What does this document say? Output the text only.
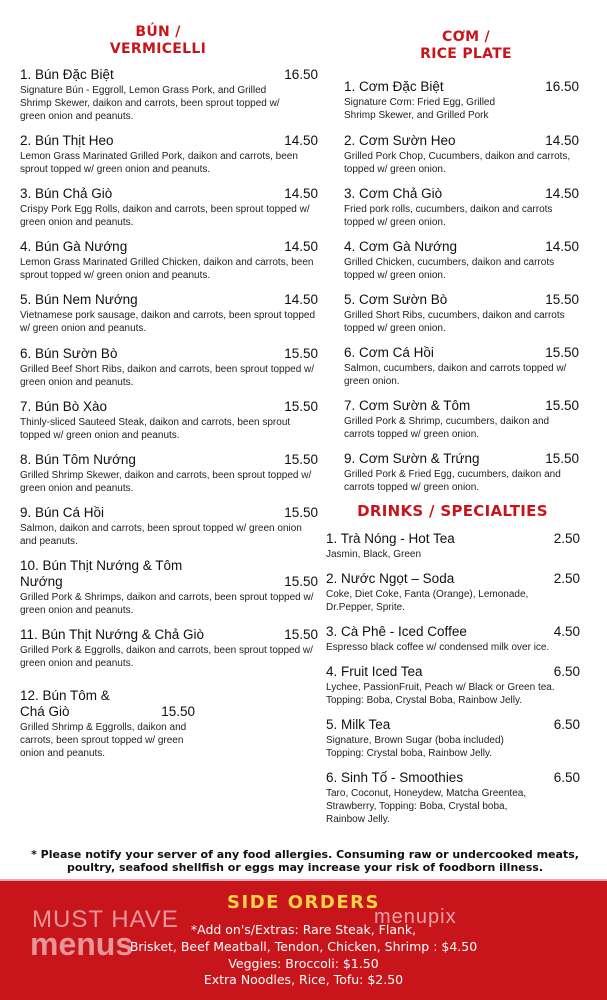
BÚN /
VERMICELLI
CƠM /
RICE PLATE
DRINKS / SPECIALTIES
1. Bún Đặc Biệt	16.50
Signature Bún - Eggroll, Lemon Grass Pork, and Grilled Shrimp Skewer, daikon and carrots, been sprout topped w/ green onion and peanuts.
2. Bún Thịt Heo	14.50
Lemon Grass Marinated Grilled Pork, daikon and carrots, been sprout topped w/ green onion and peanuts.
3. Bún Chả Giò	14.50
Crispy Pork Egg Rolls, daikon and carrots, been sprout topped w/ green onion and peanuts.
4. Bún Gà Nướng	14.50
Lemon Grass Marinated Grilled Chicken, daikon and carrots, been sprout topped w/ green onion and peanuts.
5. Bún Nem Nướng	14.50
Vietnamese pork sausage, daikon and carrots, been sprout topped w/ green onion and peanuts.
6. Bún Sườn Bò	15.50
Grilled Beef Short Ribs, daikon and carrots, been sprout topped w/ green onion and peanuts.
7. Bún Bò Xào	15.50
Thinly-sliced Sauteed Steak, daikon and carrots, been sprout topped w/ green onion and peanuts.
8. Bún Tôm Nướng	15.50
Grilled Shrimp Skewer, daikon and carrots, been sprout topped w/ green onion and peanuts.
9. Bún Cá Hồi	15.50
Salmon, daikon and carrots, been sprout topped w/ green onion and peanuts.
10. Bún Thịt Nướng & Tôm Nướng	15.50
Grilled Pork & Shrimps, daikon and carrots, been sprout topped w/ green onion and peanuts.
11. Bún Thịt Nướng & Chả Giò	15.50
Grilled Pork & Eggrolls, daikon and carrots, been sprout topped w/ green onion and peanuts.
12. Bún Tôm & Chá Giò	15.50
Grilled Shrimp & Eggrolls, daikon and carrots, been sprout topped w/ green onion and peanuts.
1. Cơm Đặc Biệt	16.50
Signature Cơm: Fried Egg, Grilled Shrimp Skewer, and Grilled Pork
2. Cơm Sườn Heo	14.50
Grilled Pork Chop, Cucumbers, daikon and carrots, topped w/ green onion.
3. Cơm Chả Giò	14.50
Fried pork rolls, cucumbers, daikon and carrots topped w/ green onion.
4. Cơm Gà Nướng	14.50
Grilled Chicken, cucumbers, daikon and carrots topped w/ green onion.
5. Cơm Sườn Bò	15.50
Grilled Short Ribs, cucumbers, daikon and carrots topped w/ green onion.
6. Cơm Cá Hồi	15.50
Salmon, cucumbers, daikon and carrots topped w/ green onion.
7. Cơm Sườn & Tôm	15.50
Grilled Pork & Shrimp, cucumbers, daikon and carrots topped w/ green onion.
9. Cơm Sườn & Trứng	15.50
Grilled Pork & Fried Egg, cucumbers, daikon and carrots topped w/ green onion.
1. Trà Nóng - Hot Tea	2.50
Jasmin, Black, Green
2. Nước Ngọt – Soda	2.50
Coke, Diet Coke, Fanta (Orange), Lemonade, Dr.Pepper, Sprite.
3. Cà Phê - Iced Coffee	4.50
Espresso black coffee w/ condensed milk over ice.
4. Fruit Iced Tea	6.50
Lychee, PassionFruit, Peach w/ Black or Green tea. Topping: Boba, Crystal Boba, Rainbow Jelly.
5. Milk Tea	6.50
Signature, Brown Sugar (boba included) Topping: Crystal boba, Rainbow Jelly.
6. Sinh Tố - Smoothies	6.50
Taro, Coconut, Honeydew, Matcha Greentea, Strawberry, Topping: Boba, Crystal boba, Rainbow Jelly.
* Please notify your server of any food allergies. Consuming raw or undercooked meats, poultry, seafood shellfish or eggs may increase your risk of foodborn illness.
SIDE ORDERS
*Add on's/Extras: Rare Steak, Flank,
Brisket, Beef Meatball, Tendon, Chicken, Shrimp : $4.50
Veggies: Broccoli: $1.50
Extra Noodles, Rice, Tofu: $2.50
MUST HAVE
menus
menupix
